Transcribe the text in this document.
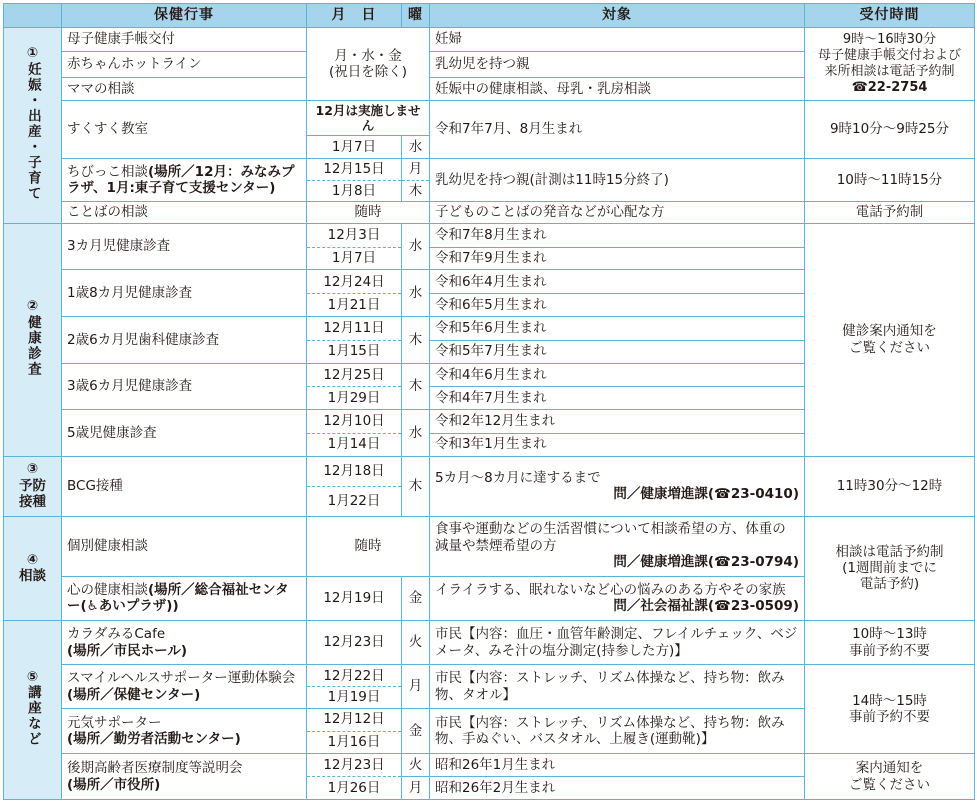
	保健行事	月　日	曜	対象	受付時間

①
妊娠・出産・子育て	母子健康手帳交付	月・水・金
(祝日を除く)		妊婦	9時～16時30分
母子健康手帳交付および
来所相談は電話予約制
☎22-2754
	赤ちゃんホットライン			乳幼児を持つ親	
	ママの相談			妊娠中の健康相談、母乳・乳房相談	
	すくすく教室	12月は実施しません		令和7年7月、8月生まれ	9時10分～9時25分
		1月7日	水		
	ちびっこ相談(場所／12月：みなみプラザ、1月:東子育て支援センター)	12月15日	月	乳幼児を持つ親(計測は11時15分終了)	10時～11時15分
		1月8日	木		
	ことばの相談	随時		子どものことばの発音などが心配な方	電話予約制

②
健康診査	3カ月児健康診査	12月3日	水	令和7年8月生まれ	健診案内通知を
ご覧ください
		1月7日		令和7年9月生まれ	
	1歳8カ月児健康診査	12月24日	水	令和6年4月生まれ	
		1月21日		令和6年5月生まれ	
	2歳6カ月児歯科健康診査	12月11日	木	令和5年6月生まれ	
		1月15日		令和5年7月生まれ	
	3歳6カ月児健康診査	12月25日	木	令和4年6月生まれ	
		1月29日		令和4年7月生まれ	
	5歳児健康診査	12月10日	水	令和2年12月生まれ	
		1月14日		令和3年1月生まれ	

③
予防
接種	BCG接種	12月18日	木	5カ月～8カ月に達するまで
問／健康増進課(☎23-0410)	11時30分～12時
		1月22日			

④
相談	個別健康相談	随時		食事や運動などの生活習慣について相談希望の方、体重の減量や禁煙希望の方
問／健康増進課(☎23-0794)	相談は電話予約制
(1週間前までに
電話予約)
	心の健康相談(場所／総合福祉センター(♿あいプラザ))	12月19日	金	イライラする、眠れないなど心の悩みのある方やその家族
問／社会福祉課(☎23-0509)	

⑤
講座など	カラダみるCafe
(場所／市民ホール)	12月23日	火	市民【内容：血圧・血管年齢測定、フレイルチェック、ベジメータ、みそ汁の塩分測定(持参した方)】	10時～13時
事前予約不要
	スマイルヘルスサポーター運動体験会(場所／保健センター)	12月22日	月	市民【内容：ストレッチ、リズム体操など、持ち物：飲み物、タオル】	14時～15時
事前予約不要
		1月19日			
	元気サポーター
(場所／勤労者活動センター)	12月12日	金	市民【内容：ストレッチ、リズム体操など、持ち物：飲み物、手ぬぐい、バスタオル、上履き(運動靴)】	
		1月16日			
	後期高齢者医療制度等説明会
(場所／市役所)	12月23日	火	昭和26年1月生まれ	案内通知を
ご覧ください
		1月26日	月	昭和26年2月生まれ	
